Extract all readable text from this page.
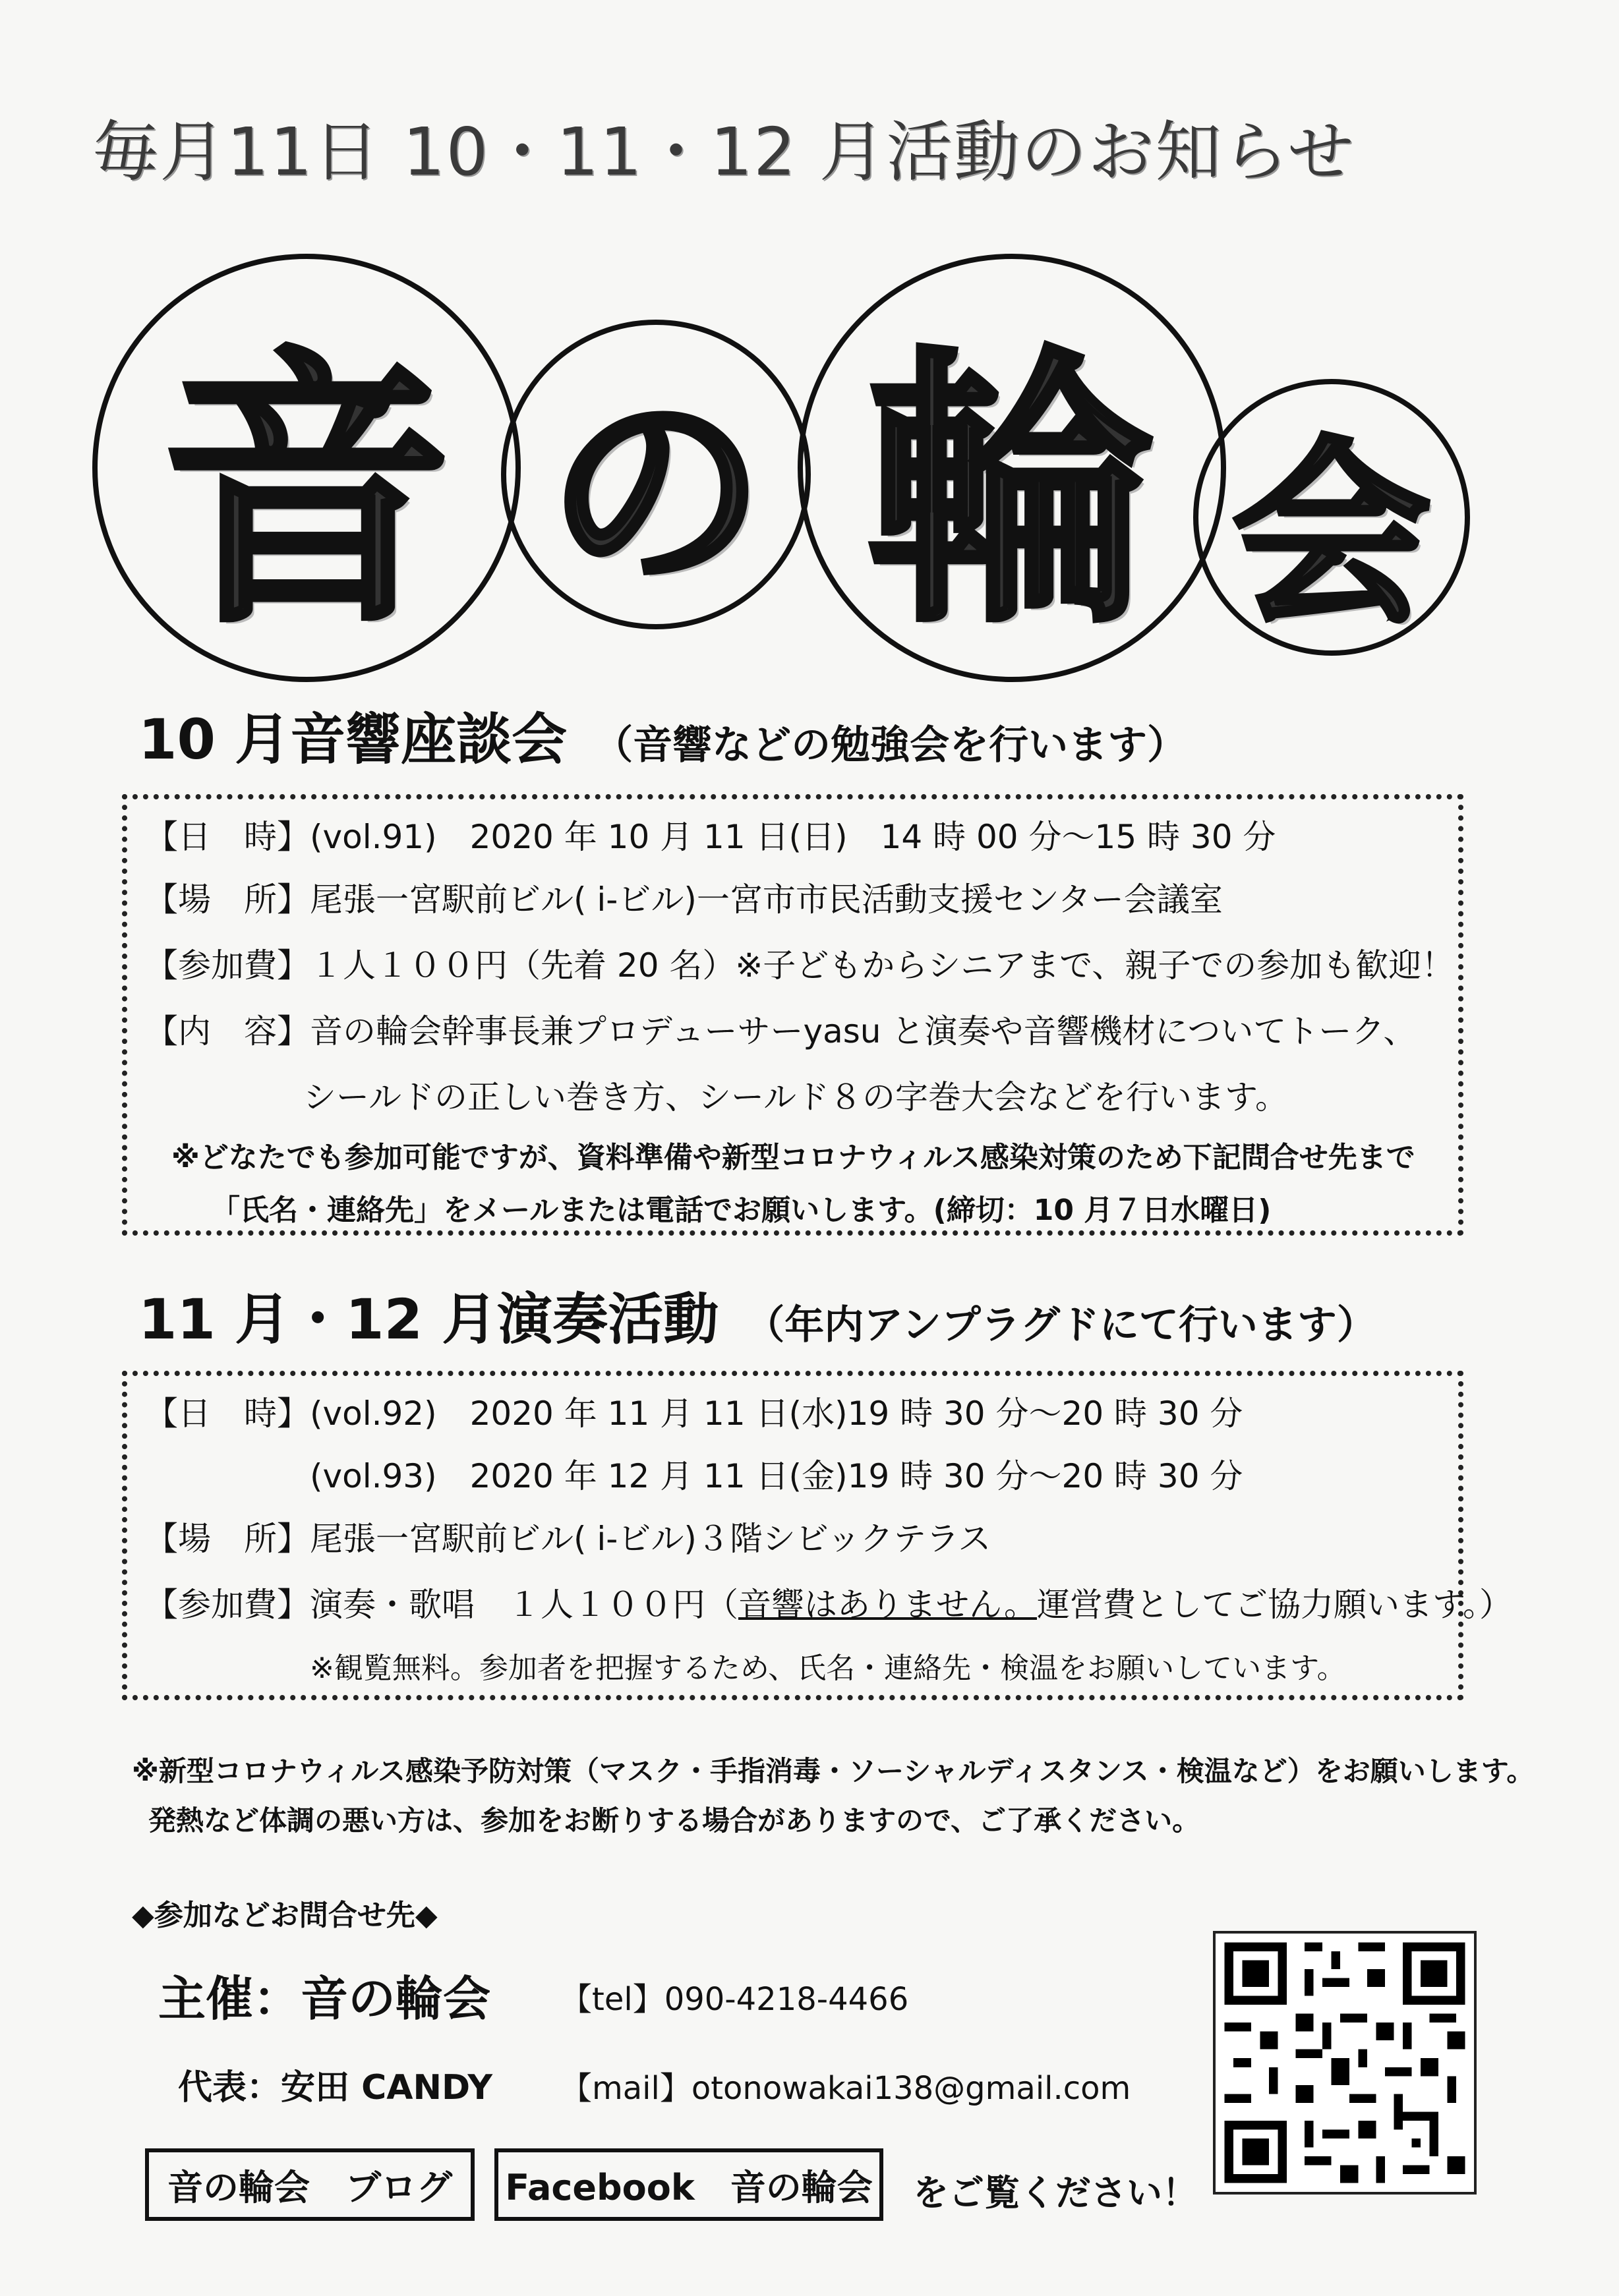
毎月11日 10・11・12 月活動のお知らせ
音 の 輪 会
10 月音響座談会 （音響などの勉強会を行います）
【日　時】(vol.91)　2020 年 10 月 11 日(日)　14 時 00 分～15 時 30 分
【場　所】尾張一宮駅前ビル( i-ビル)一宮市市民活動支援センター会議室
【参加費】１人１００円（先着 20 名）※子どもからシニアまで、親子での参加も歓迎！
【内　容】音の輪会幹事長兼プロデューサーyasu と演奏や音響機材についてトーク、
シールドの正しい巻き方、シールド８の字巻大会などを行います。
※どなたでも参加可能ですが、資料準備や新型コロナウィルス感染対策のため下記問合せ先まで
「氏名・連絡先」をメールまたは電話でお願いします。(締切：10 月７日水曜日)
11 月・12 月演奏活動 （年内アンプラグドにて行います）
【日　時】(vol.92)　2020 年 11 月 11 日(水)19 時 30 分～20 時 30 分
(vol.93)　2020 年 12 月 11 日(金)19 時 30 分～20 時 30 分
【場　所】尾張一宮駅前ビル( i-ビル)３階シビックテラス
【参加費】演奏・歌唱　１人１００円（音響はありません。運営費としてご協力願います。）
※観覧無料。参加者を把握するため、氏名・連絡先・検温をお願いしています。
※新型コロナウィルス感染予防対策（マスク・手指消毒・ソーシャルディスタンス・検温など）をお願いします。
発熱など体調の悪い方は、参加をお断りする場合がありますので、ご了承ください。
◆参加などお問合せ先◆
主催：音の輪会 【tel】090-4218-4466
代表：安田 CANDY 【mail】otonowakai138@gmail.com
音の輪会　ブログ	Facebook　音の輪会	をご覧ください！
